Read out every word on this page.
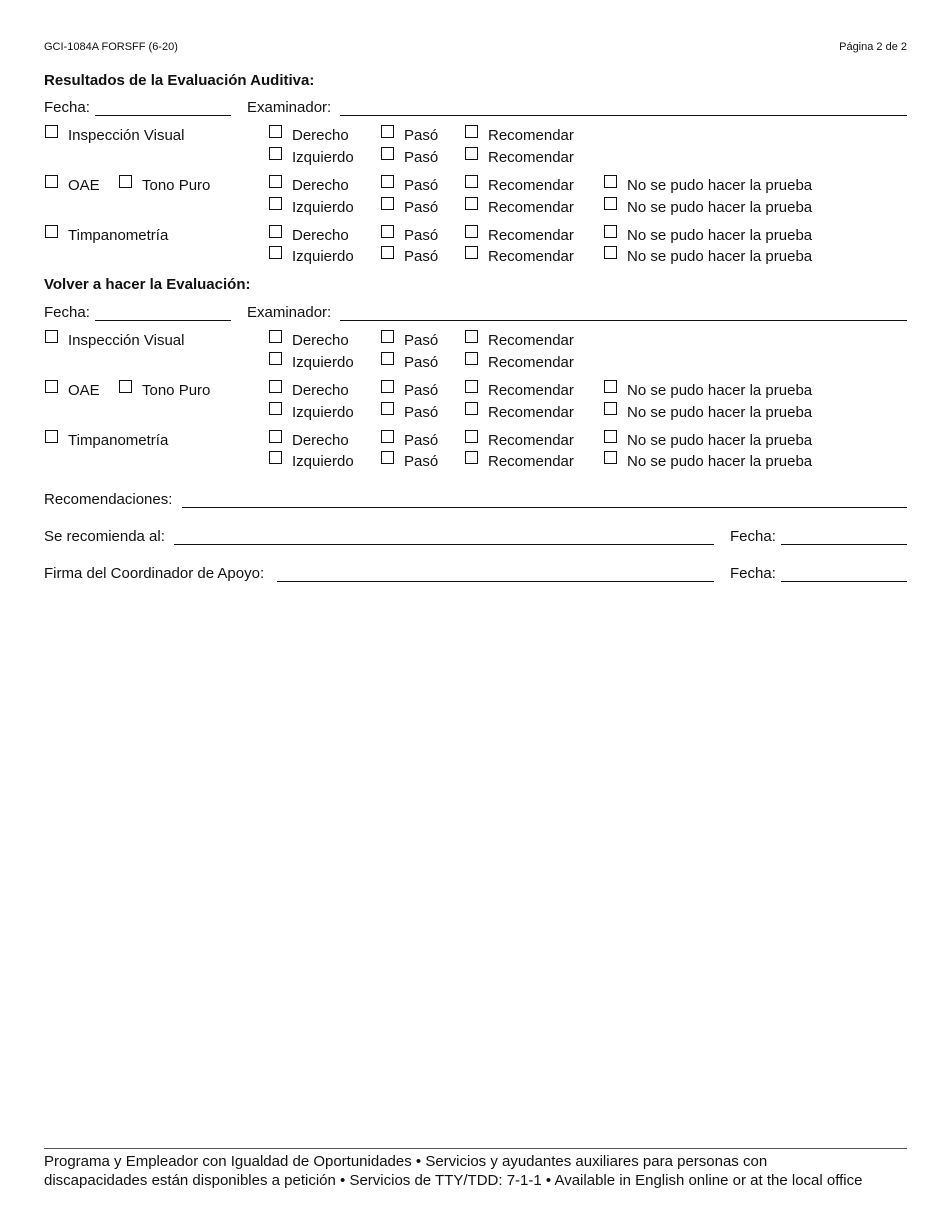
GCI-1084A FORSFF (6-20)	Página 2 de 2
Resultados de la Evaluación Auditiva:
Fecha:	Examinador:
Inspección Visual	Derecho	Pasó	Recomendar
Izquierdo	Pasó	Recomendar
OAE	Tono Puro	Derecho	Pasó	Recomendar	No se pudo hacer la prueba
Izquierdo	Pasó	Recomendar	No se pudo hacer la prueba
Timpanometría	Derecho	Pasó	Recomendar	No se pudo hacer la prueba
Izquierdo	Pasó	Recomendar	No se pudo hacer la prueba
Volver a hacer la Evaluación:
Fecha:	Examinador:
Inspección Visual	Derecho	Pasó	Recomendar
Izquierdo	Pasó	Recomendar
OAE	Tono Puro	Derecho	Pasó	Recomendar	No se pudo hacer la prueba
Izquierdo	Pasó	Recomendar	No se pudo hacer la prueba
Timpanometría	Derecho	Pasó	Recomendar	No se pudo hacer la prueba
Izquierdo	Pasó	Recomendar	No se pudo hacer la prueba
Recomendaciones:
Se recomienda al:	Fecha:
Firma del Coordinador de Apoyo:	Fecha:
Programa y Empleador con Igualdad de Oportunidades • Servicios y ayudantes auxiliares para personas con
discapacidades están disponibles a petición • Servicios de TTY/TDD: 7-1-1 • Available in English online or at the local office
